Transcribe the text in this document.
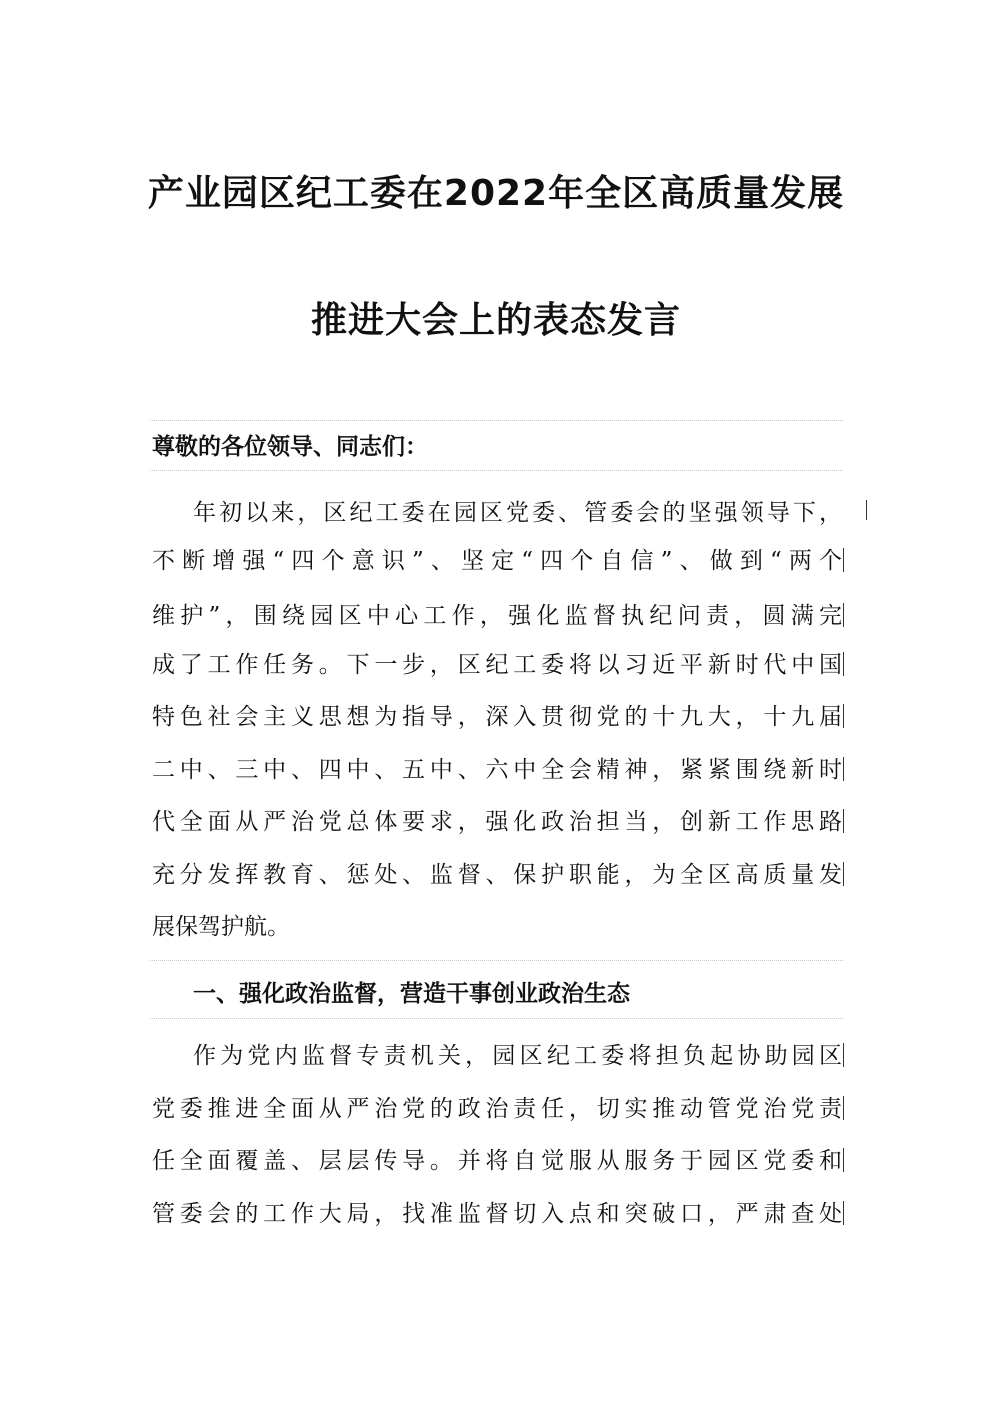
产业园区纪工委在2022年全区高质量发展
推进大会上的表态发言
尊敬的各位领导、同志们：
年初以来，区纪工委在园区党委、管委会的坚强领导下，
不断增强“四个意识”、坚定“四个自信”、做到“两个
维护”，围绕园区中心工作，强化监督执纪问责，圆满完
成了工作任务。下一步，区纪工委将以习近平新时代中国
特色社会主义思想为指导，深入贯彻党的十九大，十九届
二中、三中、四中、五中、六中全会精神，紧紧围绕新时
代全面从严治党总体要求，强化政治担当，创新工作思路
充分发挥教育、惩处、监督、保护职能，为全区高质量发
展保驾护航。
一、强化政治监督，营造干事创业政治生态
作为党内监督专责机关，园区纪工委将担负起协助园区
党委推进全面从严治党的政治责任，切实推动管党治党责
任全面覆盖、层层传导。并将自觉服从服务于园区党委和
管委会的工作大局，找准监督切入点和突破口，严肃查处
